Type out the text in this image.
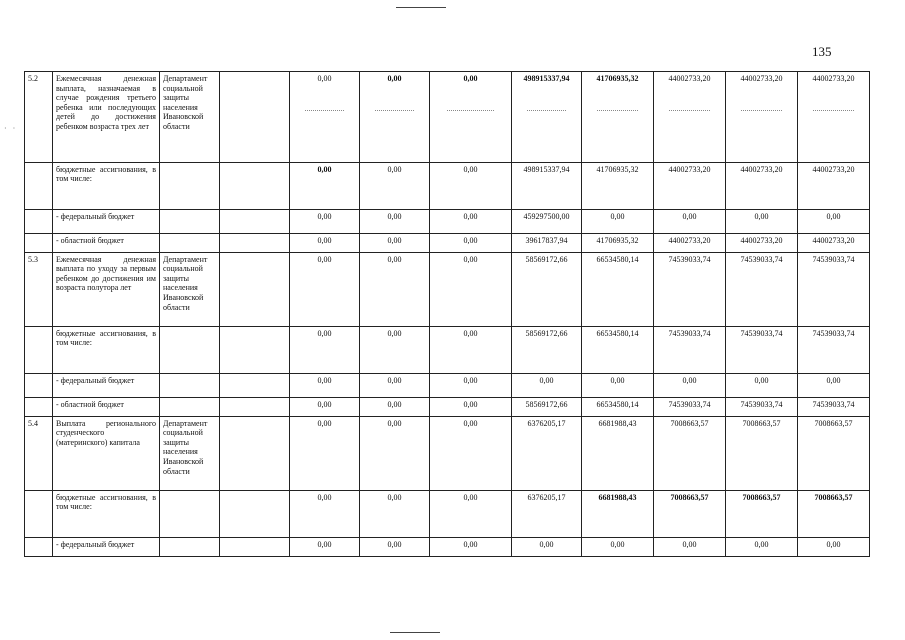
135
· ·
5.2	Ежемесячная денежная выплата, назначаемая в случае рождения третьего ребенка или последующих детей до достижения ребенком возраста трех лет	Департамент социальной защиты населения Ивановской области		0,00	0,00	0,00	498915337,94	41706935,32	44002733,20	44002733,20	44002733,20

	бюджетные ассигнования, в том числе:			0,00	0,00	0,00	498915337,94	41706935,32	44002733,20	44002733,20	44002733,20	
	- федеральный бюджет			0,00	0,00	0,00	459297500,00	0,00	0,00	0,00	0,00	
	- областной бюджет			0,00	0,00	0,00	39617837,94	41706935,32	44002733,20	44002733,20	44002733,20	
5.3	Ежемесячная денежная выплата по уходу за первым ребенком до достижения им возраста полутора лет	Департамент социальной защиты населения Ивановской области		0,00	0,00	0,00	58569172,66	66534580,14	74539033,74	74539033,74	74539033,74	
	бюджетные ассигнования, в том числе:			0,00	0,00	0,00	58569172,66	66534580,14	74539033,74	74539033,74	74539033,74	
	- федеральный бюджет			0,00	0,00	0,00	0,00	0,00	0,00	0,00	0,00	
	- областной бюджет			0,00	0,00	0,00	58569172,66	66534580,14	74539033,74	74539033,74	74539033,74	
5.4	Выплата регионального студенческого (материнского) капитала	Департамент социальной защиты населения Ивановской области		0,00	0,00	0,00	6376205,17	6681988,43	7008663,57	7008663,57	7008663,57	
	бюджетные ассигнования, в том числе:			0,00	0,00	0,00	6376205,17	6681988,43	7008663,57	7008663,57	7008663,57	
	- федеральный бюджет			0,00	0,00	0,00	0,00	0,00	0,00	0,00	0,00	
